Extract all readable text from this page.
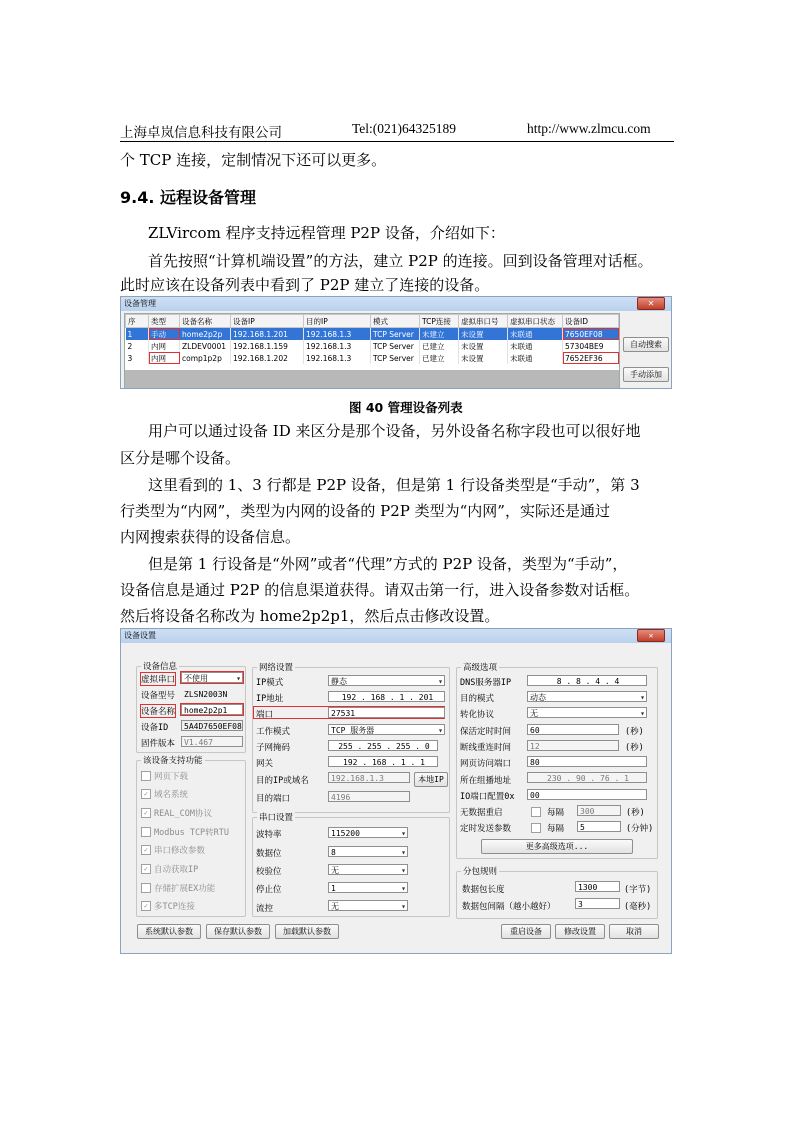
上海卓岚信息科技有限公司	Tel:(021)64325189	http://www.zlmcu.com
个 TCP 连接，定制情况下还可以更多。
9.4. 远程设备管理
ZLVircom 程序支持远程管理 P2P 设备，介绍如下：
首先按照“计算机端设置”的方法，建立 P2P 的连接。回到设备管理对话框。
此时应该在设备列表中看到了 P2P 建立了连接的设备。
设备管理	✕
序	类型	设备名称	设备IP	目的IP	模式	TCP连接	虚拟串口号	虚拟串口状态	设备ID
1	手动	home2p2p	192.168.1.201	192.168.1.3	TCP Server	未建立	未设置	未联通	7650EF08
2	内网	ZLDEV0001	192.168.1.159	192.168.1.3	TCP Server	已建立	未设置	未联通	57304BE9
3	内网	comp1p2p	192.168.1.202	192.168.1.3	TCP Server	已建立	未设置	未联通	7652EF36
自动搜索
手动添加
图 40 管理设备列表
用户可以通过设备 ID 来区分是那个设备，另外设备名称字段也可以很好地
区分是哪个设备。
这里看到的 1、3 行都是 P2P 设备，但是第 1 行设备类型是“手动”，第 3
行类型为“内网”，类型为内网的设备的 P2P 类型为“内网”，实际还是通过
内网搜索获得的设备信息。
但是第 1 行设备是“外网”或者“代理”方式的 P2P 设备，类型为“手动”，
设备信息是通过 P2P 的信息渠道获得。请双击第一行，进入设备参数对话框。
然后将设备名称改为 home2p2p1，然后点击修改设置。
设备设置	✕
设备信息
虚拟串口	不使用 ▾
设备型号	ZLSN2003N
设备名称	home2p2p1
设备ID	5A4D7650EF08
固件版本	V1.467
该设备支持功能
网页下载
✓ 域名系统
✓ REAL_COM协议
Modbus TCP转RTU
✓ 串口修改参数
✓ 自动获取IP
存储扩展EX功能
✓ 多TCP连接
网络设置
IP模式	静态 ▾
IP地址	192 . 168 . 1 . 201
端口	27531
工作模式	TCP 服务器 ▾
子网掩码	255 . 255 . 255 . 0
网关	192 . 168 . 1 . 1
目的IP或域名	192.168.1.3	本地IP
目的端口	4196
串口设置
波特率	115200 ▾
数据位	8 ▾
校验位	无 ▾
停止位	1 ▾
流控	无 ▾
高级选项
DNS服务器IP	8 . 8 . 4 . 4
目的模式	动态 ▾
转化协议	无 ▾
保活定时时间	60	(秒)
断线重连时间	12	(秒)
网页访问端口	80
所在组播地址	230 . 90 . 76 . 1
IO端口配置0x	00
无数据重启	每隔	300	(秒)
定时发送参数	每隔	5	(分钟)
更多高级选项...
分包规则
数据包长度	1300	(字节)
数据包间隔（越小越好）	3	(毫秒)
系统默认参数	保存默认参数	加载默认参数	重启设备	修改设置	取消
